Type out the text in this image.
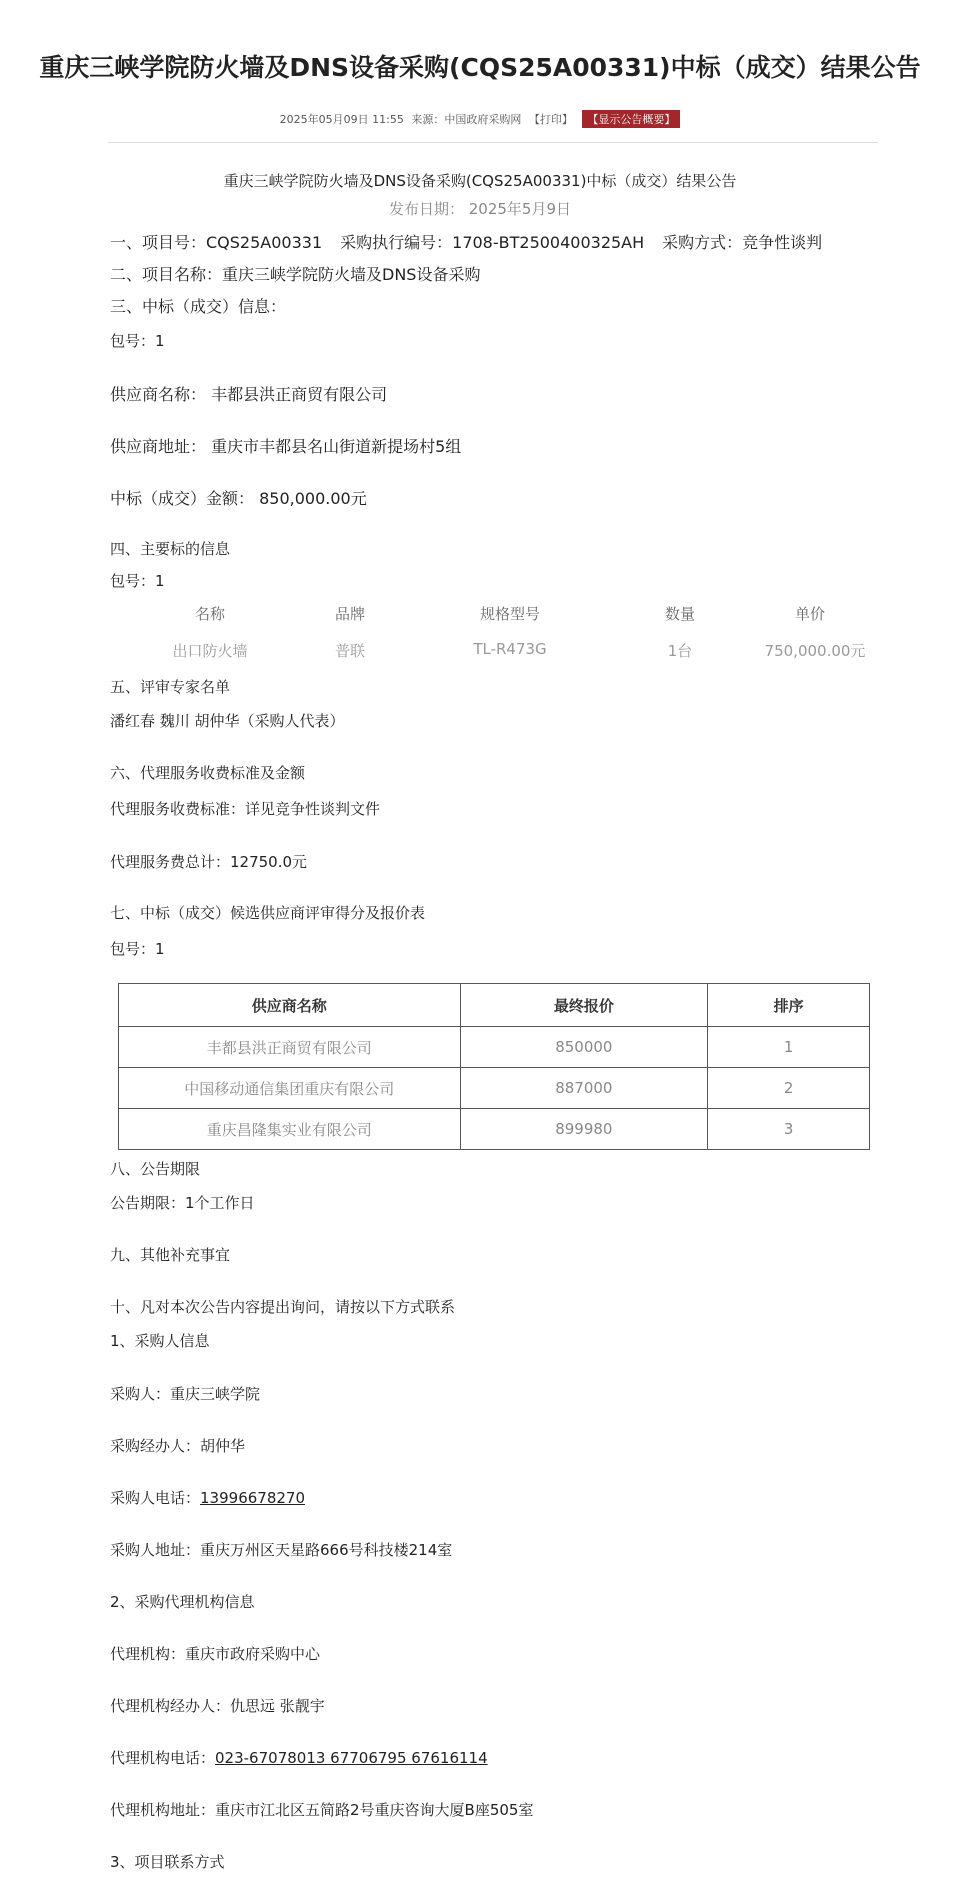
重庆三峡学院防火墙及DNS设备采购(CQS25A00331)中标（成交）结果公告
2025年05月09日 11:55 来源：中国政府采购网 【打印】 【显示公告概要】
重庆三峡学院防火墙及DNS设备采购(CQS25A00331)中标（成交）结果公告
发布日期： 2025年5月9日
一、项目号：CQS25A00331 采购执行编号：1708-BT2500400325AH 采购方式：竞争性谈判
二、项目名称：重庆三峡学院防火墙及DNS设备采购
三、中标（成交）信息：
包号：1
供应商名称： 丰都县洪正商贸有限公司
供应商地址： 重庆市丰都县名山街道新提场村5组
中标（成交）金额： 850,000.00元
四、主要标的信息
包号：1
名称	品牌	规格型号	数量	单价
出口防火墙	普联	TL-R473G	1台	750,000.00元
五、评审专家名单
潘红春 魏川 胡仲华（采购人代表）
六、代理服务收费标准及金额
代理服务收费标准：详见竞争性谈判文件
代理服务费总计：12750.0元
七、中标（成交）候选供应商评审得分及报价表
包号：1
供应商名称	最终报价	排序
丰都县洪正商贸有限公司	850000	1
中国移动通信集团重庆有限公司	887000	2
重庆昌隆集实业有限公司	899980	3
八、公告期限
公告期限：1个工作日
九、其他补充事宜
十、凡对本次公告内容提出询问，请按以下方式联系
1、采购人信息
采购人：重庆三峡学院
采购经办人：胡仲华
采购人电话：13996678270
采购人地址：重庆万州区天星路666号科技楼214室
2、采购代理机构信息
代理机构：重庆市政府采购中心
代理机构经办人：仇思远 张靓宇
代理机构电话：023-67078013 67706795 67616114
代理机构地址：重庆市江北区五简路2号重庆咨询大厦B座505室
3、项目联系方式
